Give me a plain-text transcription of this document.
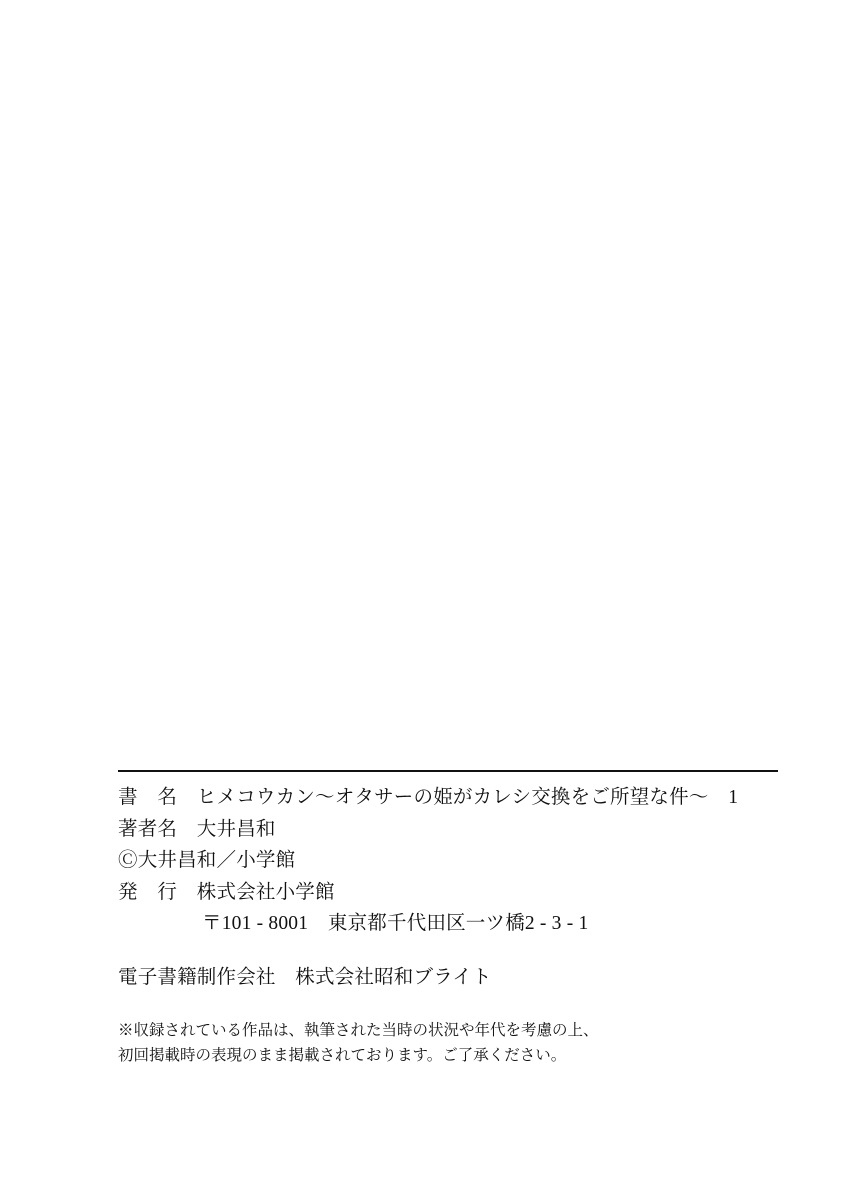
書　名　ヒメコウカン～オタサーの姫がカレシ交換をご所望な件～　1
著者名　大井昌和
Ⓒ大井昌和／小学館
発　行　株式会社小学館
〒101 - 8001　東京都千代田区一ツ橋2 - 3 - 1
電子書籍制作会社　株式会社昭和ブライト
※収録されている作品は、執筆された当時の状況や年代を考慮の上、
初回掲載時の表現のまま掲載されております。ご了承ください。
